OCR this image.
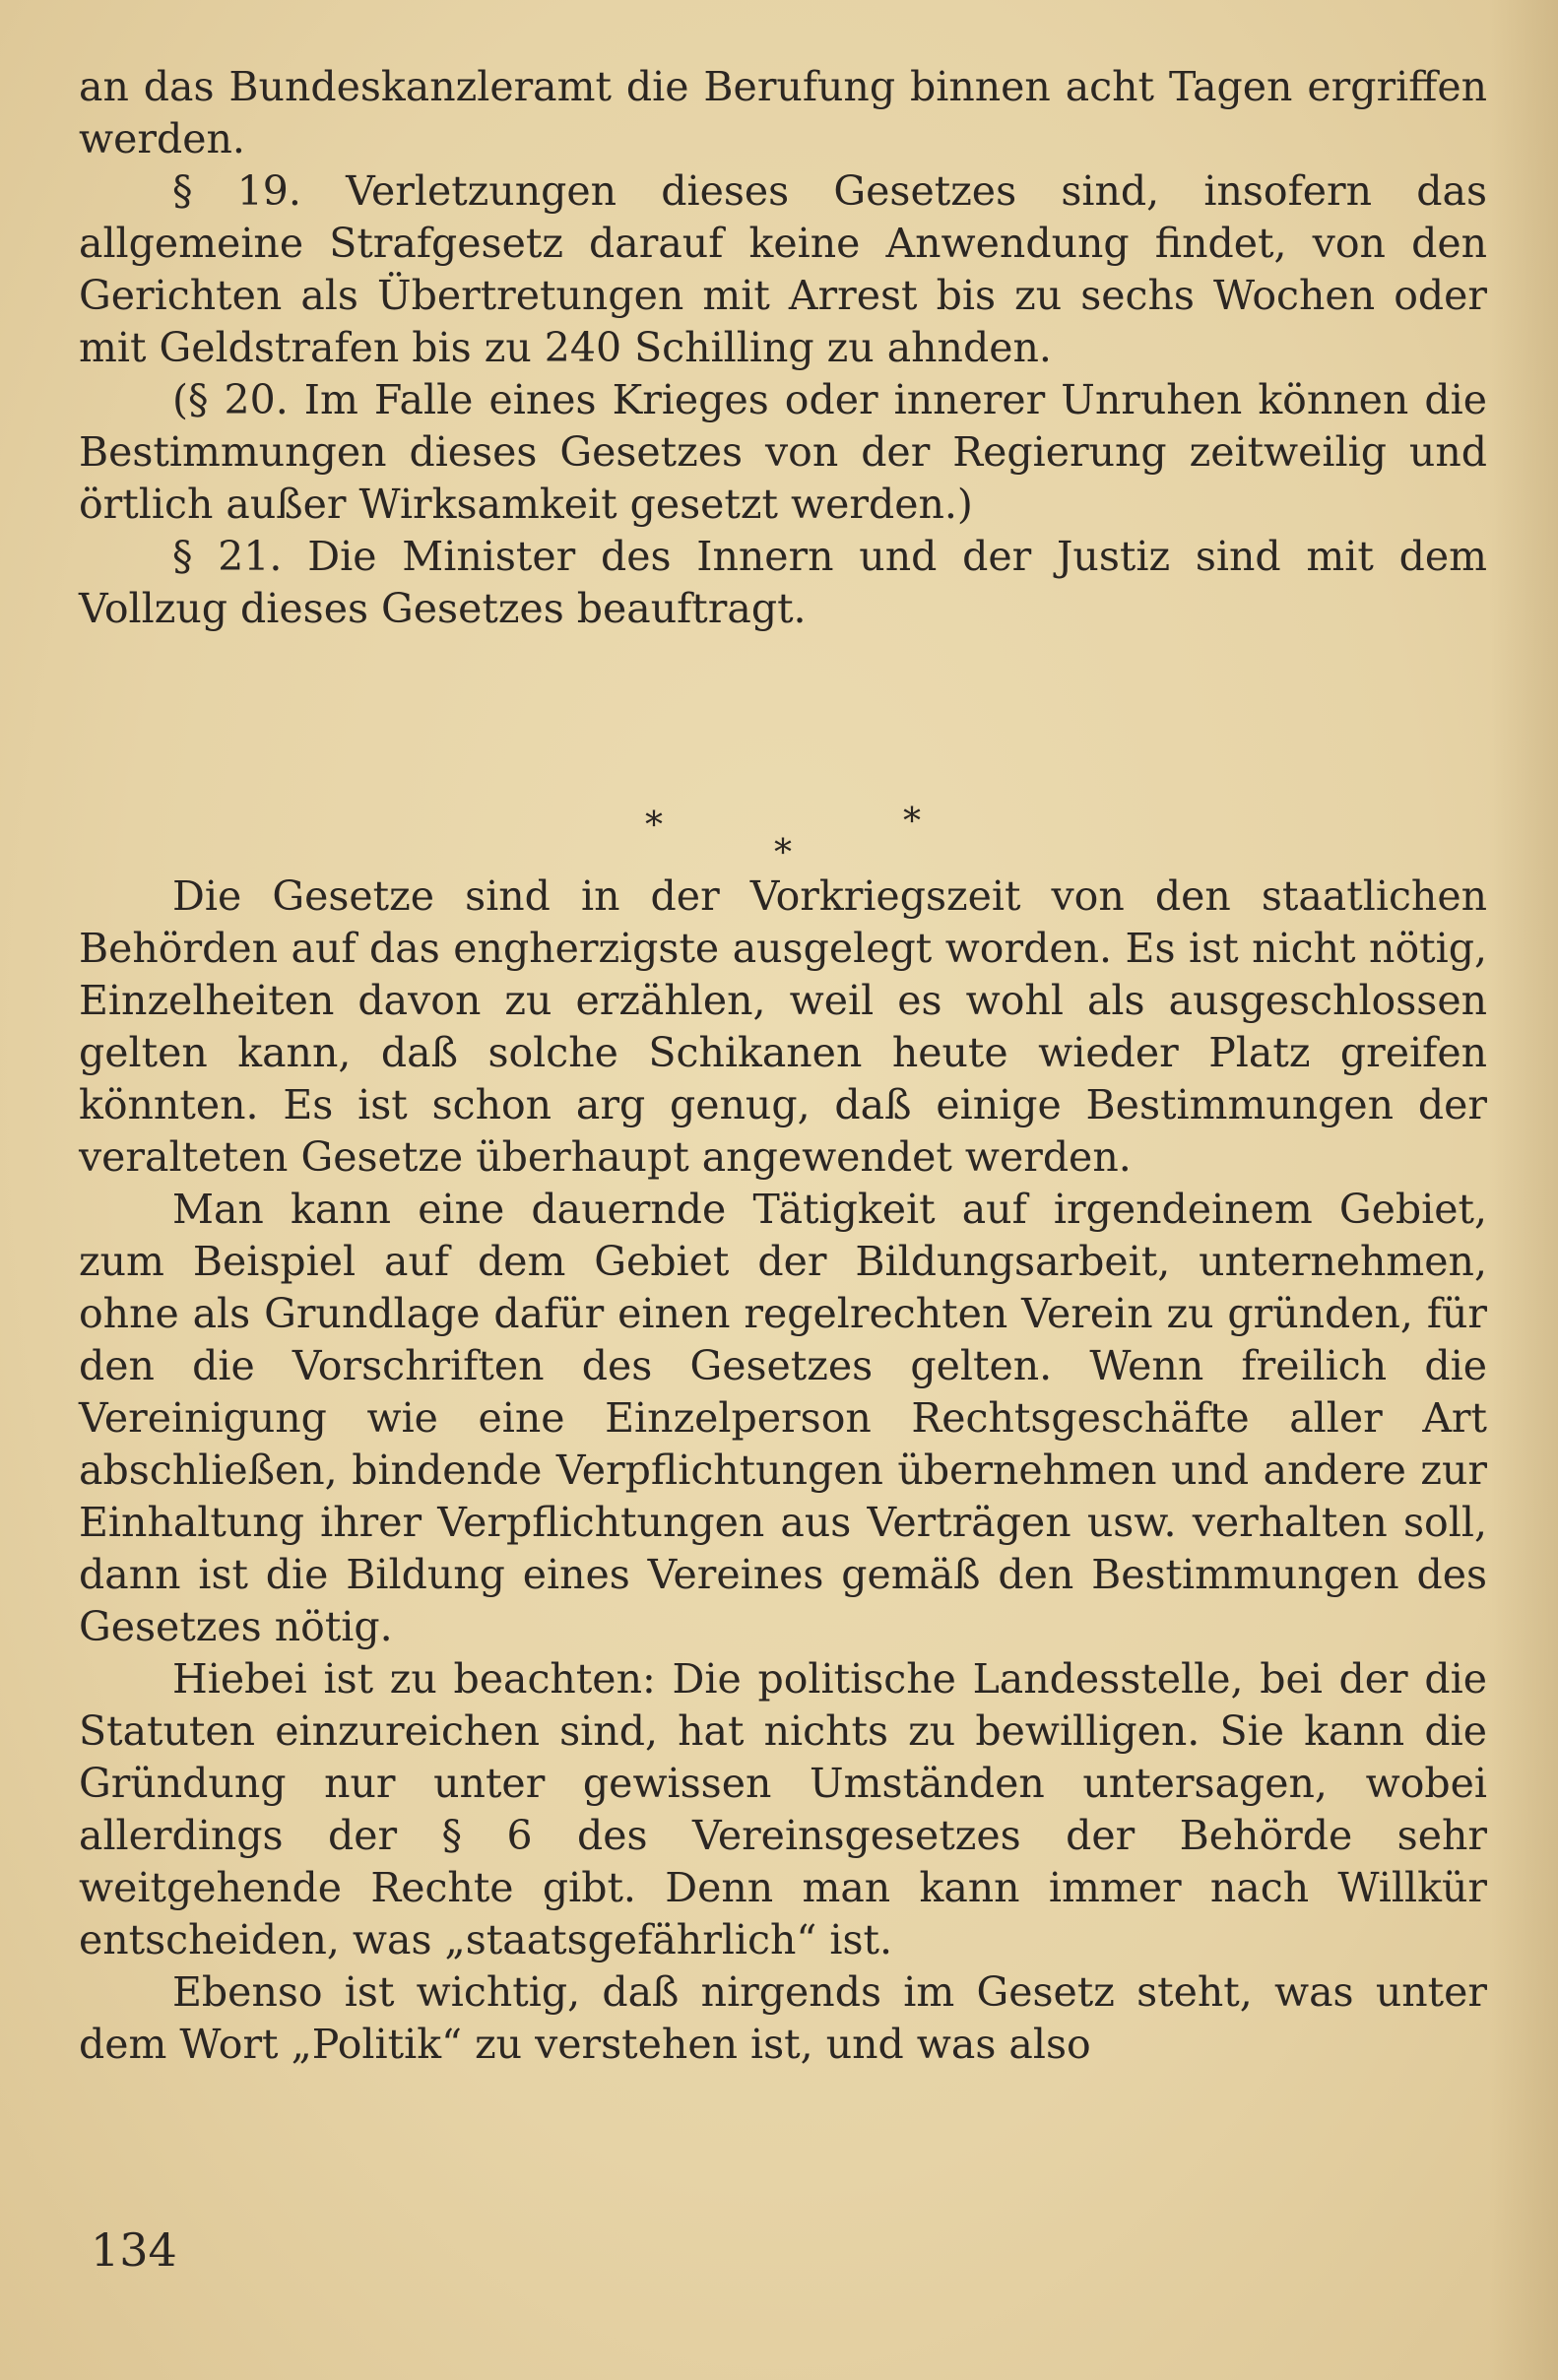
an das Bundeskanzleramt die Berufung binnen acht Tagen ergriffen werden.

§ 19. Verletzungen dieses Gesetzes sind, insofern das allgemeine Strafgesetz darauf keine Anwendung findet, von den Gerichten als Übertretungen mit Arrest bis zu sechs Wochen oder mit Geldstrafen bis zu 240 Schilling zu ahnden.

(§ 20. Im Falle eines Krieges oder innerer Unruhen können die Bestimmungen dieses Gesetzes von der Regierung zeitweilig und örtlich außer Wirksamkeit gesetzt werden.)

§ 21. Die Minister des Innern und der Justiz sind mit dem Vollzug dieses Gesetzes beauftragt.

*	*
*

Die Gesetze sind in der Vorkriegszeit von den staatlichen Behörden auf das engherzigste ausgelegt worden. Es ist nicht nötig, Einzelheiten davon zu erzählen, weil es wohl als ausgeschlossen gelten kann, daß solche Schikanen heute wieder Platz greifen könnten. Es ist schon arg genug, daß einige Bestimmungen der veralteten Gesetze überhaupt angewendet werden.

Man kann eine dauernde Tätigkeit auf irgendeinem Gebiet, zum Beispiel auf dem Gebiet der Bildungsarbeit, unternehmen, ohne als Grundlage dafür einen regelrechten Verein zu gründen, für den die Vorschriften des Gesetzes gelten. Wenn freilich die Vereinigung wie eine Einzelperson Rechtsgeschäfte aller Art abschließen, bindende Verpflichtungen übernehmen und andere zur Einhaltung ihrer Verpflichtungen aus Verträgen usw. verhalten soll, dann ist die Bildung eines Vereines gemäß den Bestimmungen des Gesetzes nötig.

Hiebei ist zu beachten: Die politische Landesstelle, bei der die Statuten einzureichen sind, hat nichts zu bewilligen. Sie kann die Gründung nur unter gewissen Umständen untersagen, wobei allerdings der § 6 des Vereinsgesetzes der Behörde sehr weitgehende Rechte gibt. Denn man kann immer nach Willkür entscheiden, was „staatsgefährlich“ ist.

Ebenso ist wichtig, daß nirgends im Gesetz steht, was unter dem Wort „Politik“ zu verstehen ist, und was also

134
